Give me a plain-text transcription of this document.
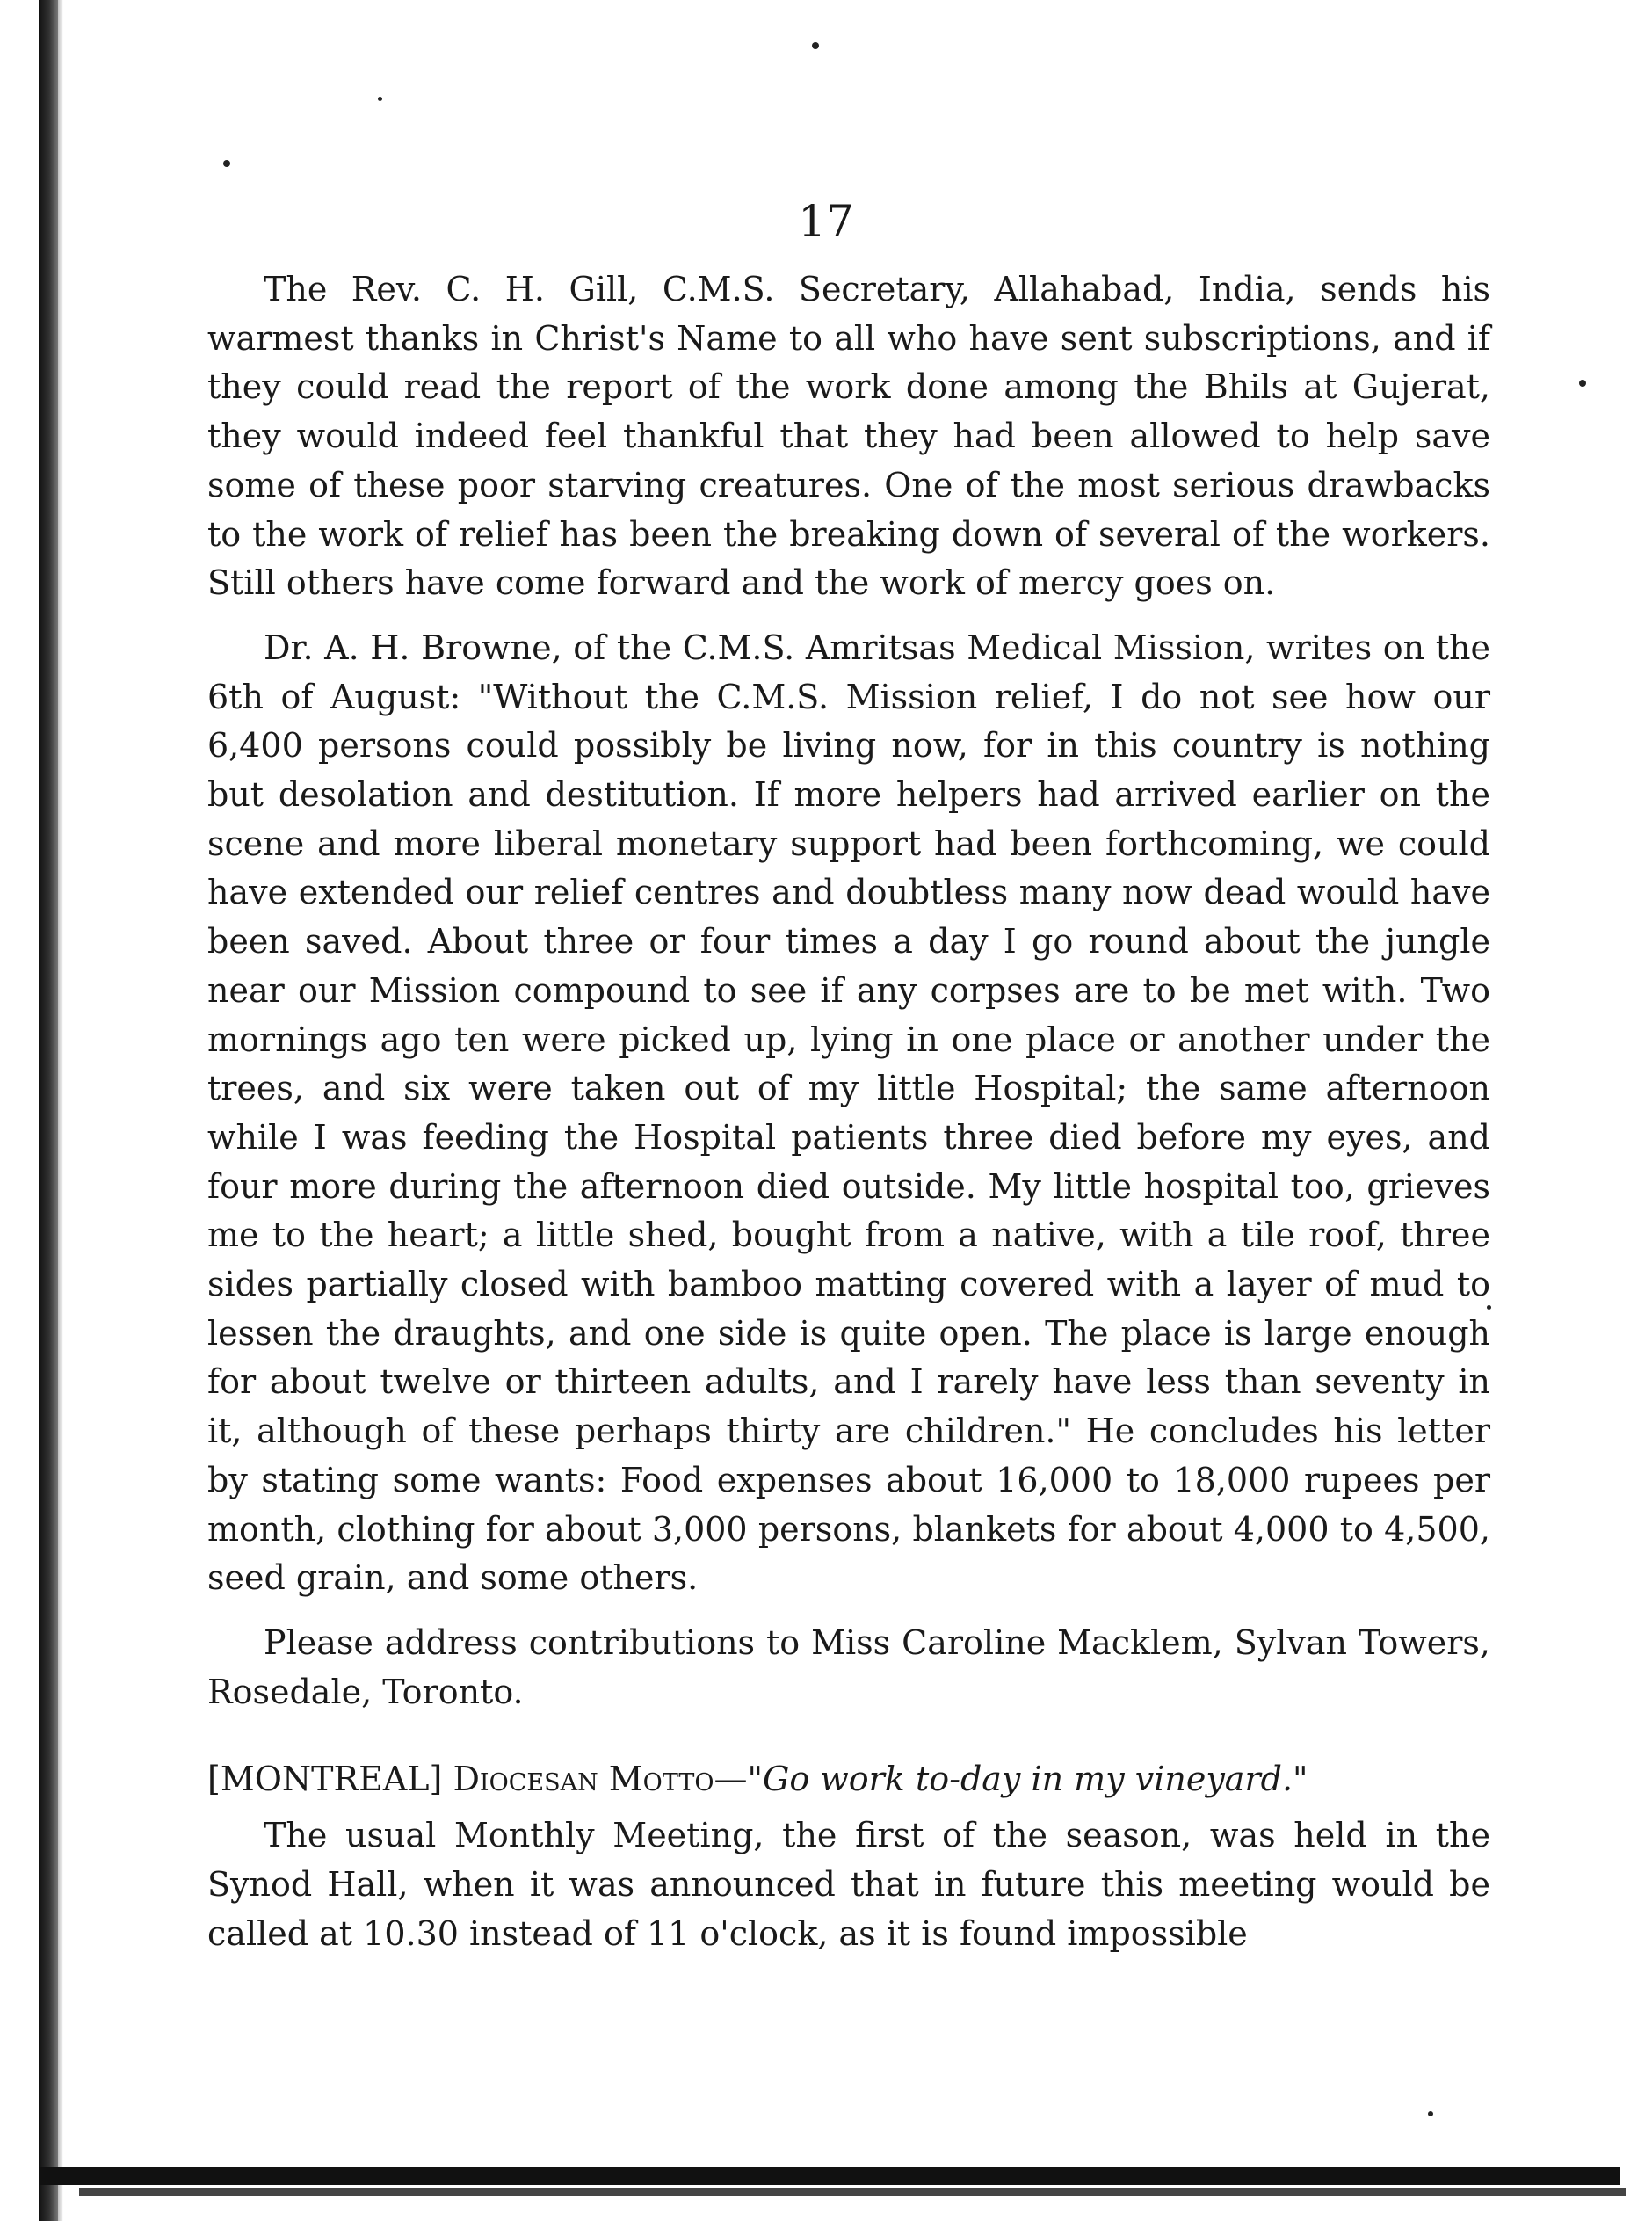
17

The Rev. C. H. Gill, C.M.S. Secretary, Allahabad, India, sends his warmest thanks in Christ's Name to all who have sent subscriptions, and if they could read the report of the work done among the Bhils at Gujerat, they would indeed feel thankful that they had been allowed to help save some of these poor starving creatures. One of the most serious drawbacks to the work of relief has been the breaking down of several of the workers. Still others have come forward and the work of mercy goes on.

Dr. A. H. Browne, of the C.M.S. Amritsas Medical Mission, writes on the 6th of August: "Without the C.M.S. Mission relief, I do not see how our 6,400 persons could possibly be living now, for in this country is nothing but desolation and destitution. If more helpers had arrived earlier on the scene and more liberal monetary support had been forthcoming, we could have extended our relief centres and doubtless many now dead would have been saved. About three or four times a day I go round about the jungle near our Mission compound to see if any corpses are to be met with. Two mornings ago ten were picked up, lying in one place or another under the trees, and six were taken out of my little Hospital; the same afternoon while I was feeding the Hospital patients three died before my eyes, and four more during the afternoon died outside. My little hospital too, grieves me to the heart; a little shed, bought from a native, with a tile roof, three sides partially closed with bamboo matting covered with a layer of mud to lessen the draughts, and one side is quite open. The place is large enough for about twelve or thirteen adults, and I rarely have less than seventy in it, although of these perhaps thirty are children." He concludes his letter by stating some wants: Food expenses about 16,000 to 18,000 rupees per month, clothing for about 3,000 persons, blankets for about 4,000 to 4,500, seed grain, and some others.

Please address contributions to Miss Caroline Macklem, Sylvan Towers, Rosedale, Toronto.

[MONTREAL] Diocesan Motto—"Go work to-day in my vineyard."

The usual Monthly Meeting, the first of the season, was held in the Synod Hall, when it was announced that in future this meeting would be called at 10.30 instead of 11 o'clock, as it is found impossible
